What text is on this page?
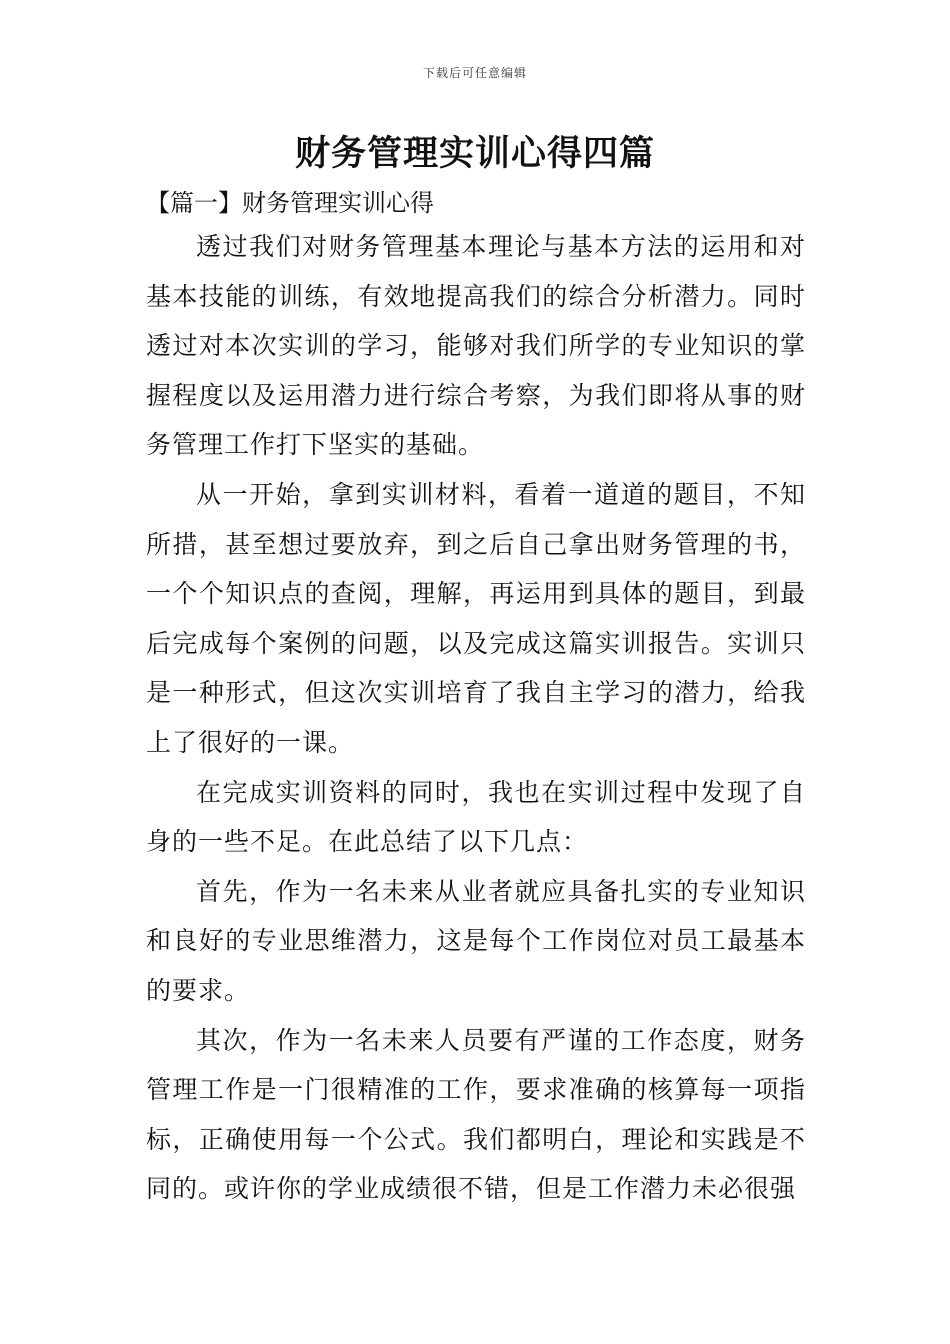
下载后可任意编辑
财务管理实训心得四篇
【篇一】财务管理实训心得

透过我们对财务管理基本理论与基本方法的运用和对基本技能的训练，有效地提高我们的综合分析潜力。同时透过对本次实训的学习，能够对我们所学的专业知识的掌握程度以及运用潜力进行综合考察，为我们即将从事的财务管理工作打下坚实的基础。

从一开始，拿到实训材料，看着一道道的题目，不知所措，甚至想过要放弃，到之后自己拿出财务管理的书，一个个知识点的查阅，理解，再运用到具体的题目，到最后完成每个案例的问题，以及完成这篇实训报告。实训只是一种形式，但这次实训培育了我自主学习的潜力，给我上了很好的一课。

在完成实训资料的同时，我也在实训过程中发现了自身的一些不足。在此总结了以下几点：

首先，作为一名未来从业者就应具备扎实的专业知识和良好的专业思维潜力，这是每个工作岗位对员工最基本的要求。

其次，作为一名未来人员要有严谨的工作态度，财务管理工作是一门很精准的工作，要求准确的核算每一项指标，正确使用每一个公式。我们都明白，理论和实践是不同的。或许你的学业成绩很不错，但是工作潜力未必很强
